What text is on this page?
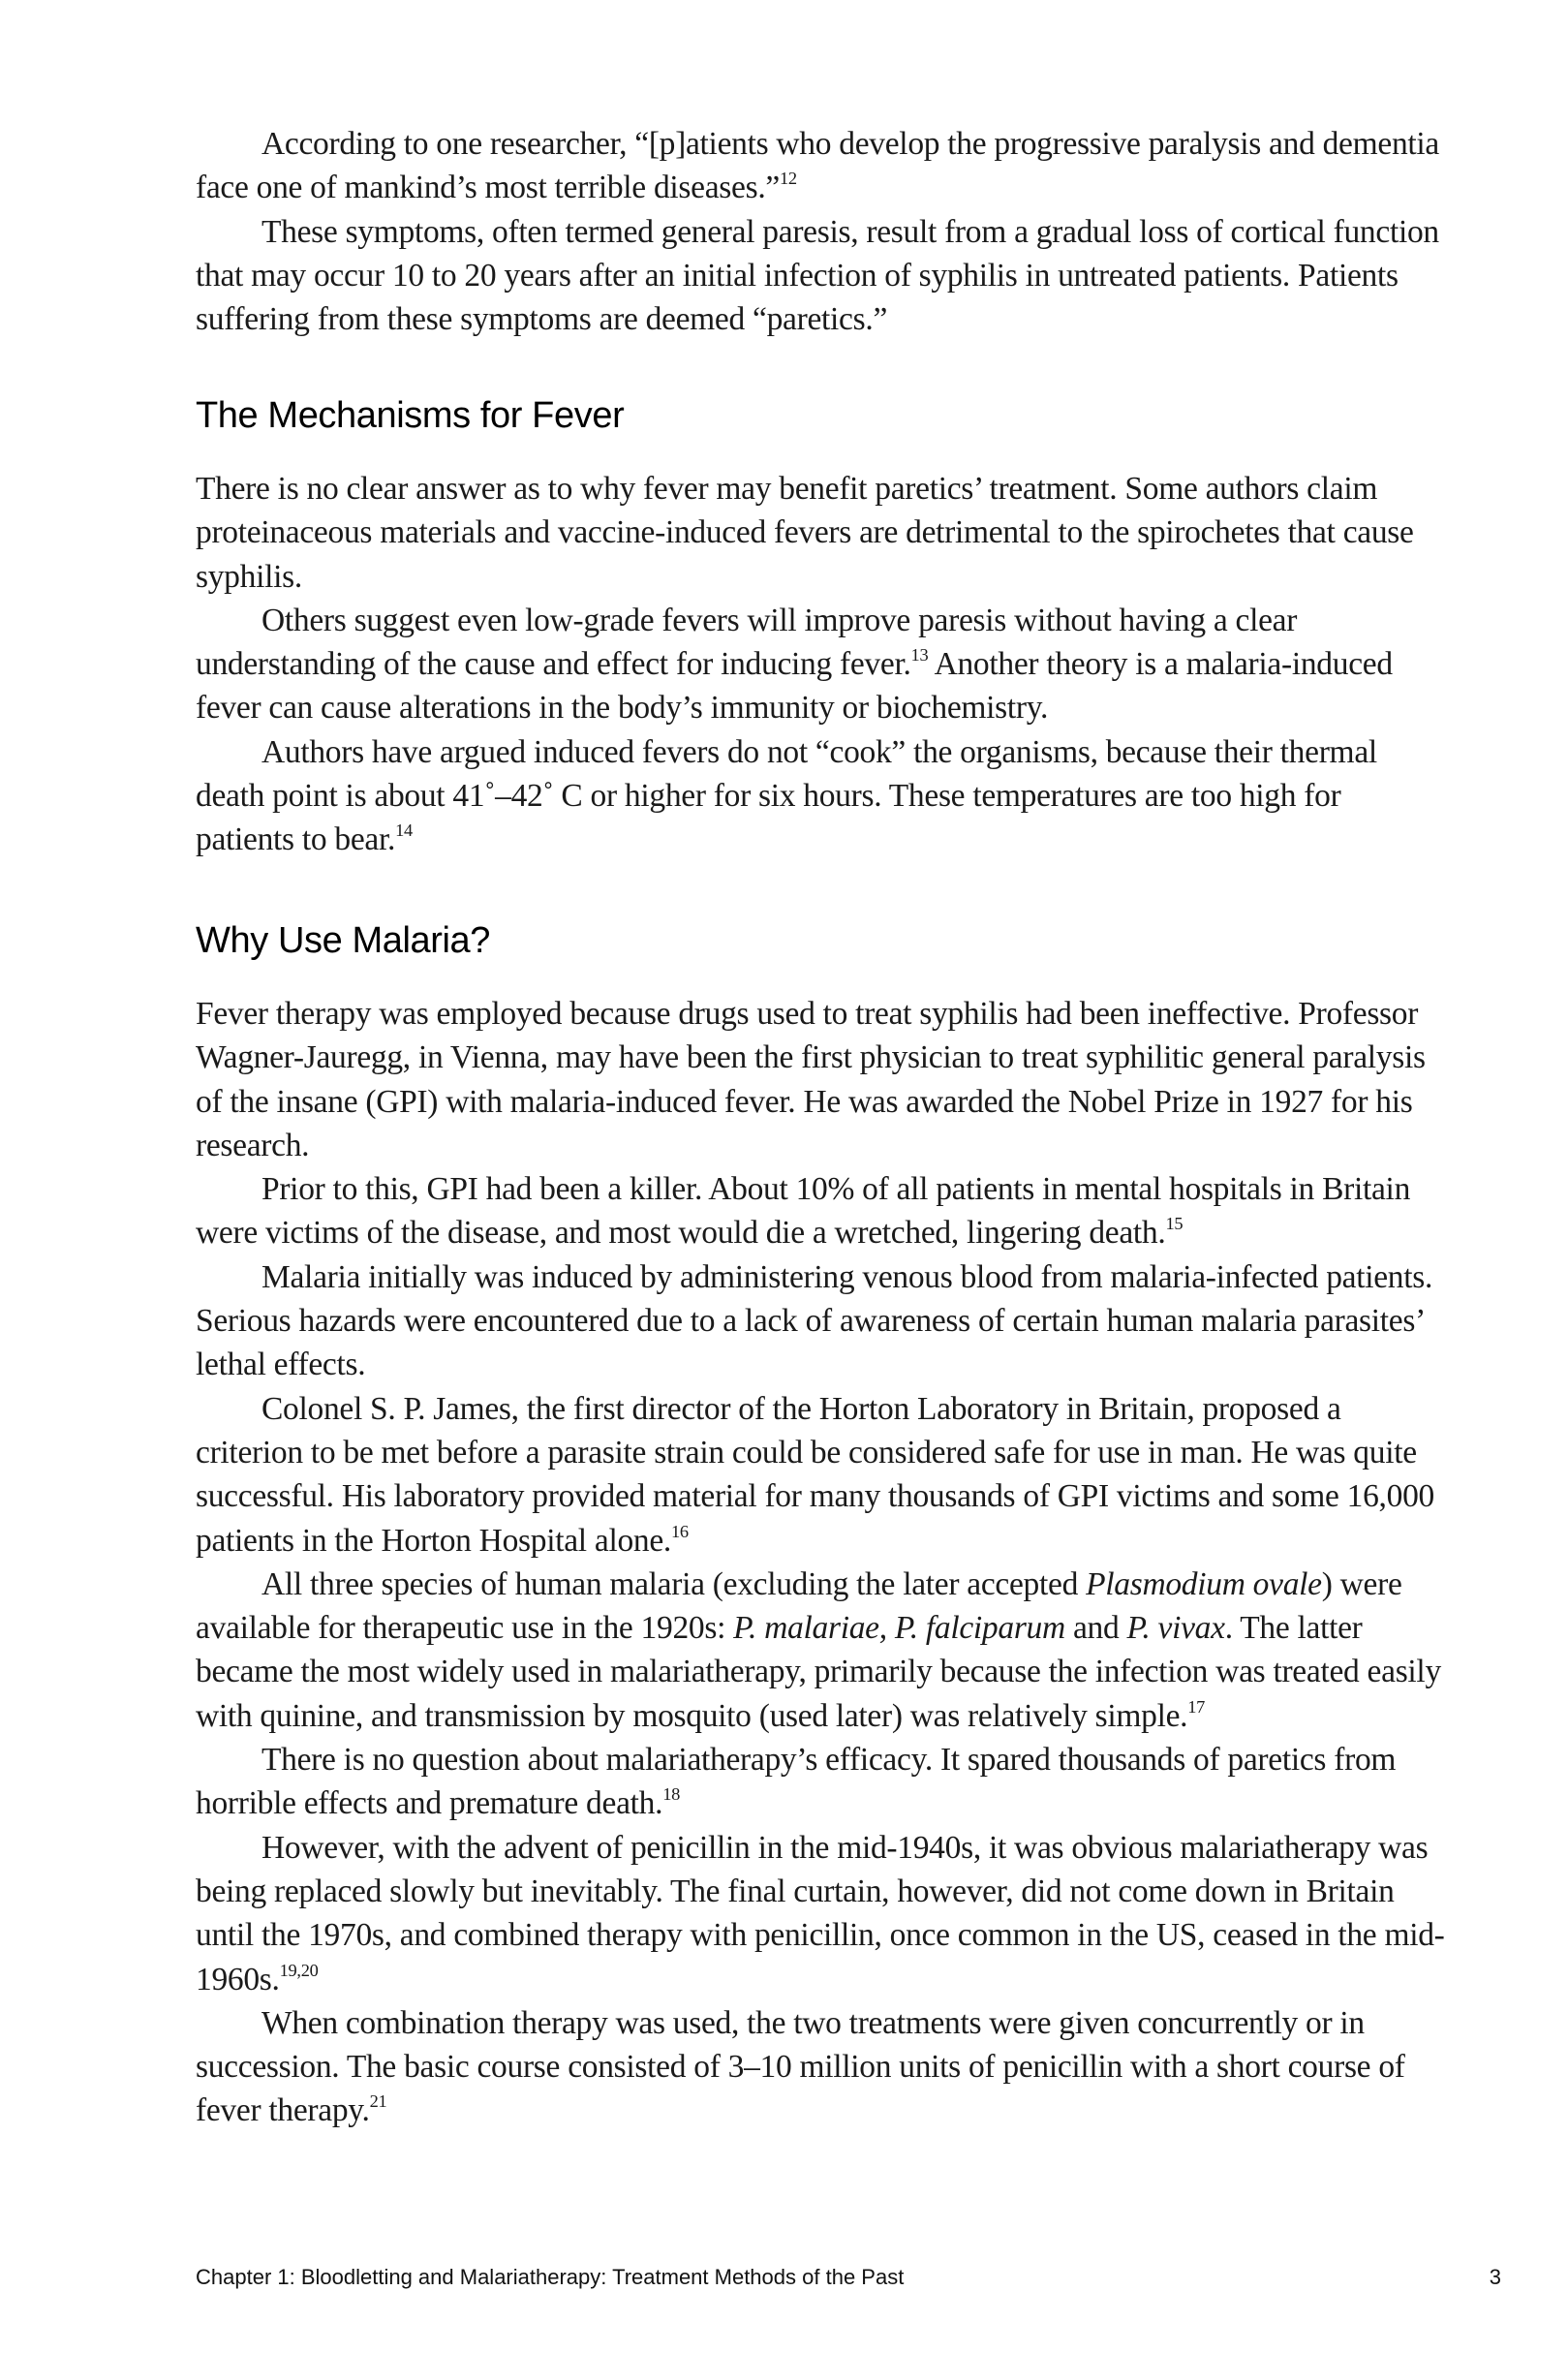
According to one researcher, “[p]atients who develop the progressive paralysis and dementia face one of mankind’s most terrible diseases.”$^{12}$

These symptoms, often termed general paresis, result from a gradual loss of cortical function that may occur 10 to 20 years after an initial infection of syphilis in untreated patients. Patients suffering from these symptoms are deemed “paretics.”

The Mechanisms for Fever

There is no clear answer as to why fever may benefit paretics’ treatment. Some authors claim proteinaceous materials and vaccine-induced fevers are detrimental to the spirochetes that cause syphilis.

Others suggest even low-grade fevers will improve paresis without having a clear understanding of the cause and effect for inducing fever.$^{13}$ Another theory is a malaria-induced fever can cause alterations in the body’s immunity or biochemistry.

Authors have argued induced fevers do not “cook” the organisms, because their thermal death point is about 41˚–42˚ C or higher for six hours. These temperatures are too high for patients to bear.$^{14}$

Why Use Malaria?

Fever therapy was employed because drugs used to treat syphilis had been ineffective. Professor Wagner-Jauregg, in Vienna, may have been the first physician to treat syphilitic general paralysis of the insane (GPI) with malaria-induced fever. He was awarded the Nobel Prize in 1927 for his research.

Prior to this, GPI had been a killer. About 10% of all patients in mental hospitals in Britain were victims of the disease, and most would die a wretched, lingering death.$^{15}$

Malaria initially was induced by administering venous blood from malaria-infected patients. Serious hazards were encountered due to a lack of awareness of certain human malaria parasites’ lethal effects.

Colonel S. P. James, the first director of the Horton Laboratory in Britain, proposed a criterion to be met before a parasite strain could be considered safe for use in man. He was quite successful. His laboratory provided material for many thousands of GPI victims and some 16,000 patients in the Horton Hospital alone.$^{16}$

All three species of human malaria (excluding the later accepted Plasmodium ovale) were available for therapeutic use in the 1920s: P. malariae, P. falciparum and P. vivax. The latter became the most widely used in malariatherapy, primarily because the infection was treated easily with quinine, and transmission by mosquito (used later) was relatively simple.$^{17}$

There is no question about malariatherapy’s efficacy. It spared thousands of paretics from horrible effects and premature death.$^{18}$

However, with the advent of penicillin in the mid-1940s, it was obvious malariatherapy was being replaced slowly but inevitably. The final curtain, however, did not come down in Britain until the 1970s, and combined therapy with penicillin, once common in the US, ceased in the mid-1960s.$^{19,20}$

When combination therapy was used, the two treatments were given concurrently or in succession. The basic course consisted of 3–10 million units of penicillin with a short course of fever therapy.$^{21}$

Chapter 1: Bloodletting and Malariatherapy: Treatment Methods of the Past	3
